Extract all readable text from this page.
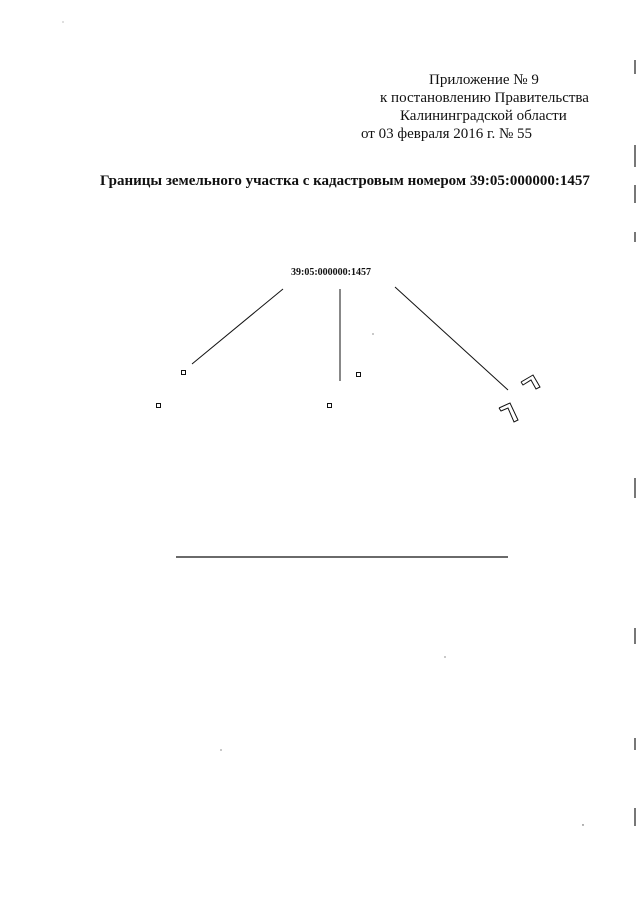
Приложение № 9
к постановлению Правительства
Калининградской области
от 03 февраля 2016 г. № 55
Границы земельного участка с кадастровым номером 39:05:000000:1457
39:05:000000:1457
